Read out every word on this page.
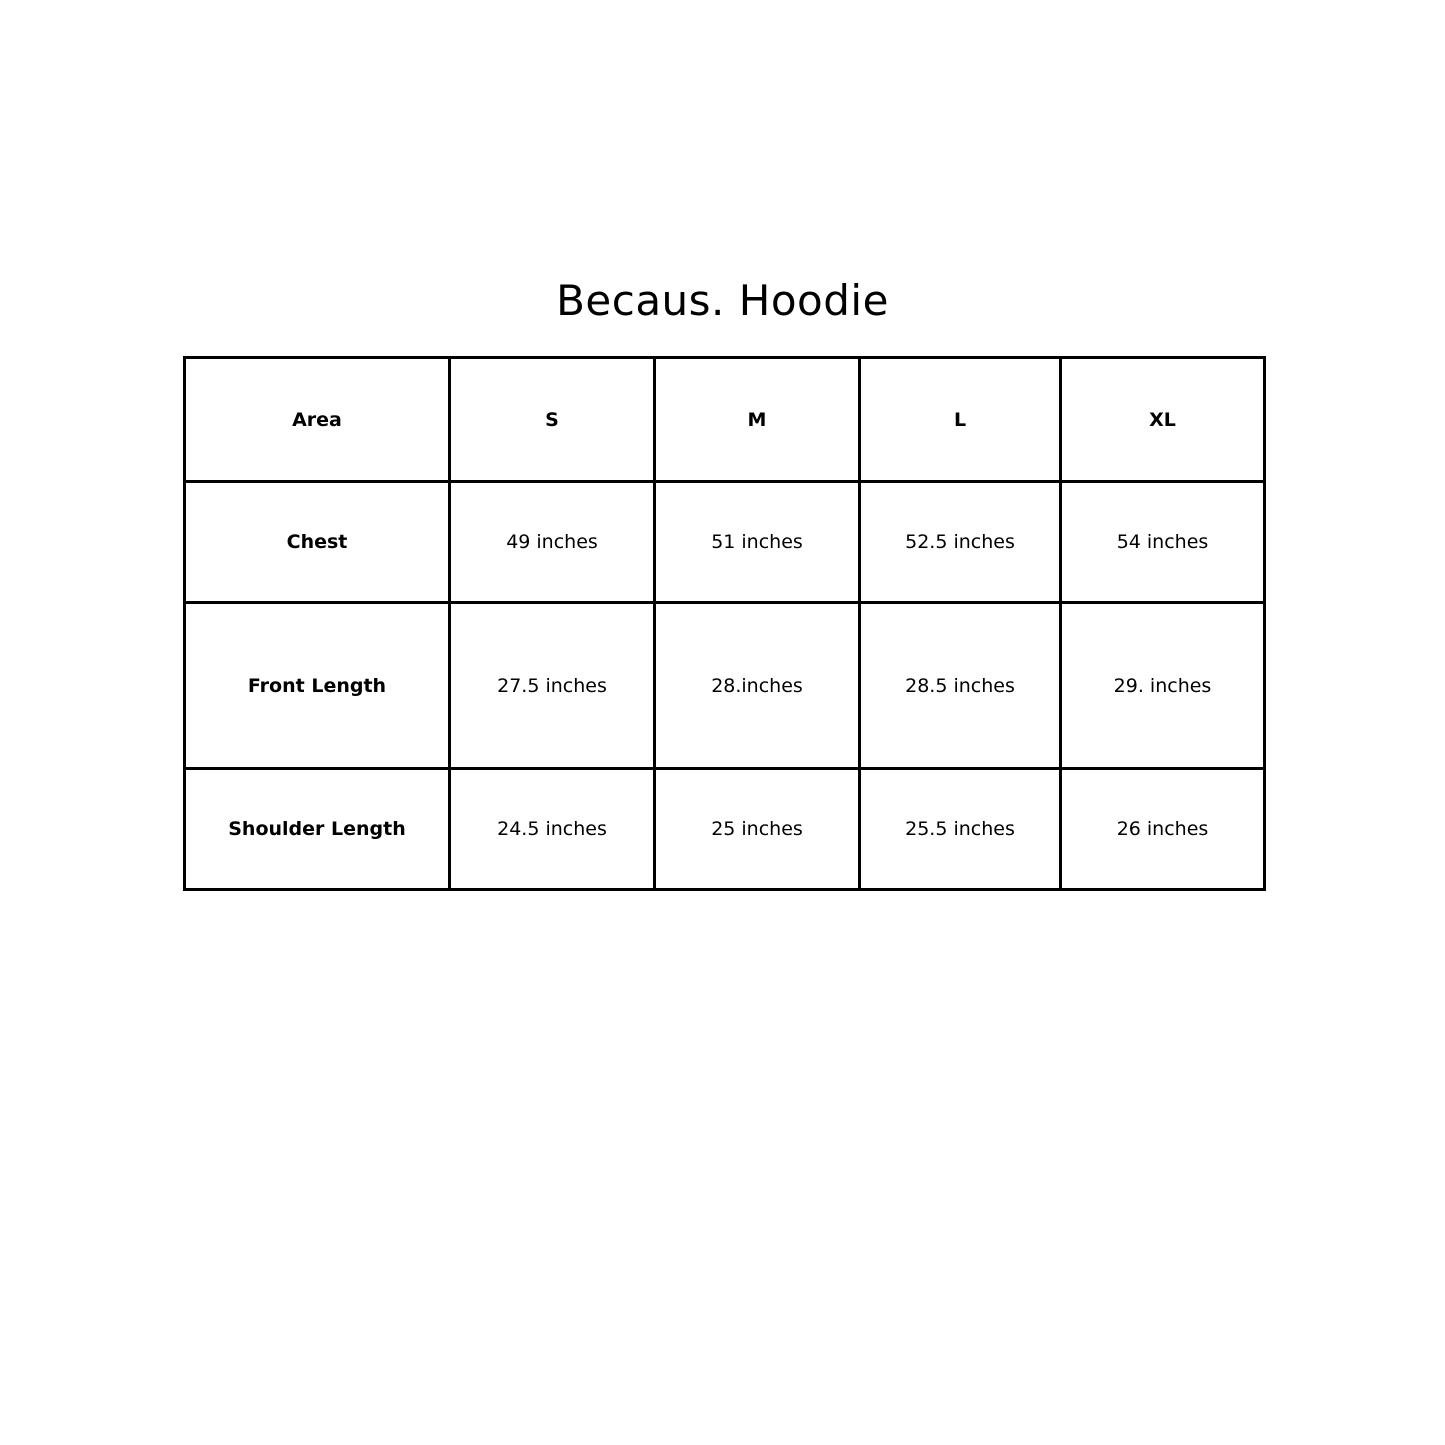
Becaus. Hoodie
Area	S	M	L	XL
Chest	49 inches	51 inches	52.5 inches	54 inches
Front Length	27.5 inches	28.inches	28.5 inches	29. inches
Shoulder Length	24.5 inches	25 inches	25.5 inches	26 inches
